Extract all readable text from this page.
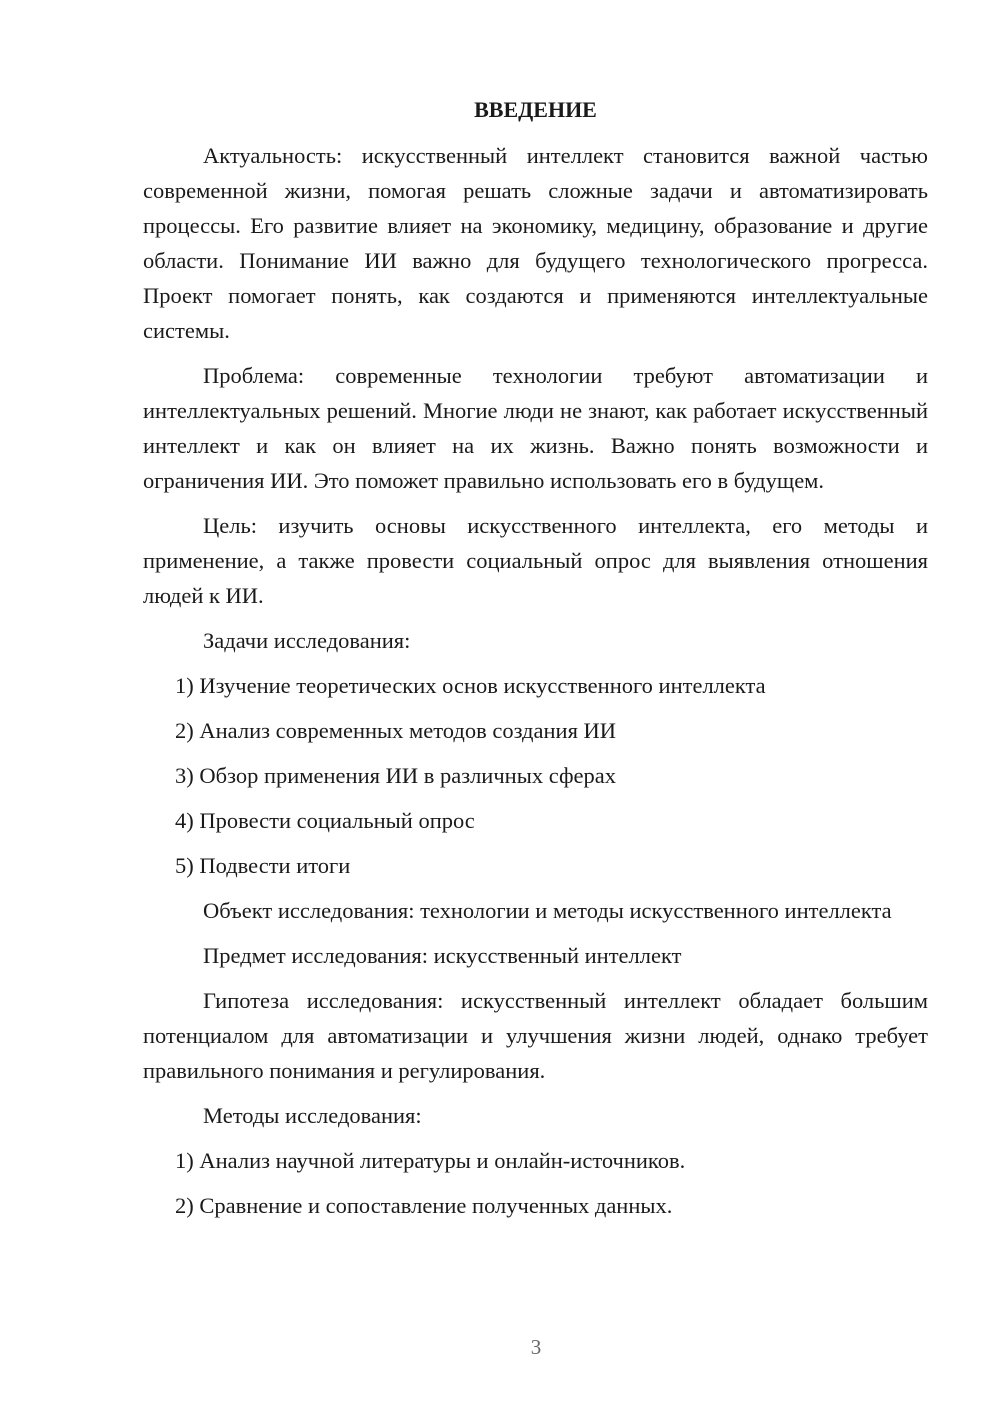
ВВЕДЕНИЕ

Актуальность: искусственный интеллект становится важной частью современной жизни, помогая решать сложные задачи и автоматизировать процессы. Его развитие влияет на экономику, медицину, образование и другие области. Понимание ИИ важно для будущего технологического прогресса. Проект помогает понять, как создаются и применяются интеллектуальные системы.

Проблема: современные технологии требуют автоматизации и интеллектуальных решений. Многие люди не знают, как работает искусственный интеллект и как он влияет на их жизнь. Важно понять возможности и ограничения ИИ. Это поможет правильно использовать его в будущем.

Цель: изучить основы искусственного интеллекта, его методы и применение, а также провести социальный опрос для выявления отношения людей к ИИ.

Задачи исследования:
1) Изучение теоретических основ искусственного интеллекта
2) Анализ современных методов создания ИИ
3) Обзор применения ИИ в различных сферах
4) Провести социальный опрос
5) Подвести итоги

Объект исследования: технологии и методы искусственного интеллекта

Предмет исследования: искусственный интеллект

Гипотеза исследования: искусственный интеллект обладает большим потенциалом для автоматизации и улучшения жизни людей, однако требует правильного понимания и регулирования.

Методы исследования:
1) Анализ научной литературы и онлайн-источников.
2) Сравнение и сопоставление полученных данных.
3
